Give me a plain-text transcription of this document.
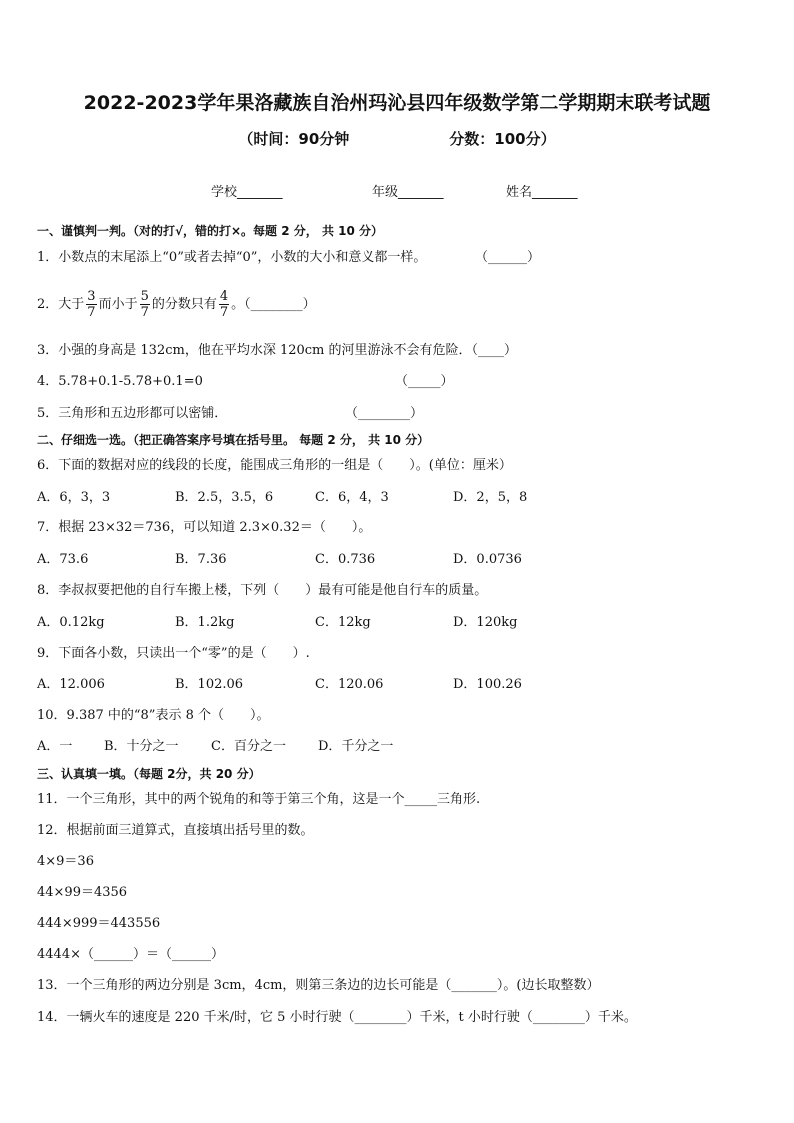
2022-2023学年果洛藏族自治州玛沁县四年级数学第二学期期末联考试题
（时间：90分钟	分数：100分）
学校_______	年级_______	姓名_______
一、谨慎判一判。（对的打√，错的打×。每题 2 分， 共 10 分）
1．小数点的末尾添上“0”或者去掉“0”，小数的大小和意义都一样。	（______）
2．大于 $\frac{3}{7}$ 而小于 $\frac{5}{7}$ 的分数只有 $\frac{4}{7}$ 。（________）
3．小强的身高是 132cm，他在平均水深 120cm 的河里游泳不会有危险．（____）
4．5.78+0.1-5.78+0.1=0	（_____）
5．三角形和五边形都可以密铺．	（________）
二、仔细选一选。（把正确答案序号填在括号里。 每题 2 分， 共 10 分）
6．下面的数据对应的线段的长度，能围成三角形的一组是（　　）。(单位：厘米）
A．6，3，3	B．2.5，3.5，6	C．6，4，3	D．2，5，8
7．根据 23×32＝736，可以知道 2.3×0.32＝（　　）。
A．73.6	B．7.36	C．0.736	D．0.0736
8．李叔叔要把他的自行车搬上楼，下列（　　）最有可能是他自行车的质量。
A．0.12kg	B．1.2kg	C．12kg	D．120kg
9．下面各小数，只读出一个“零”的是（　　）.
A．12.006	B．102.06	C．120.06	D．100.26
10．9.387 中的“8”表示 8 个（　　）。
A．一 B．十分之一 C．百分之一 D．千分之一
三、认真填一填。（每题 2分，共 20 分）
11．一个三角形，其中的两个锐角的和等于第三个角，这是一个_____三角形.
12．根据前面三道算式，直接填出括号里的数。
4×9＝36
44×99＝4356
444×999＝443556
4444×（______）＝（______）
13．一个三角形的两边分别是 3cm，4cm，则第三条边的边长可能是（_______）。(边长取整数）
14．一辆火车的速度是 220 千米/时，它 5 小时行驶（________）千米，t 小时行驶（________）千米。
